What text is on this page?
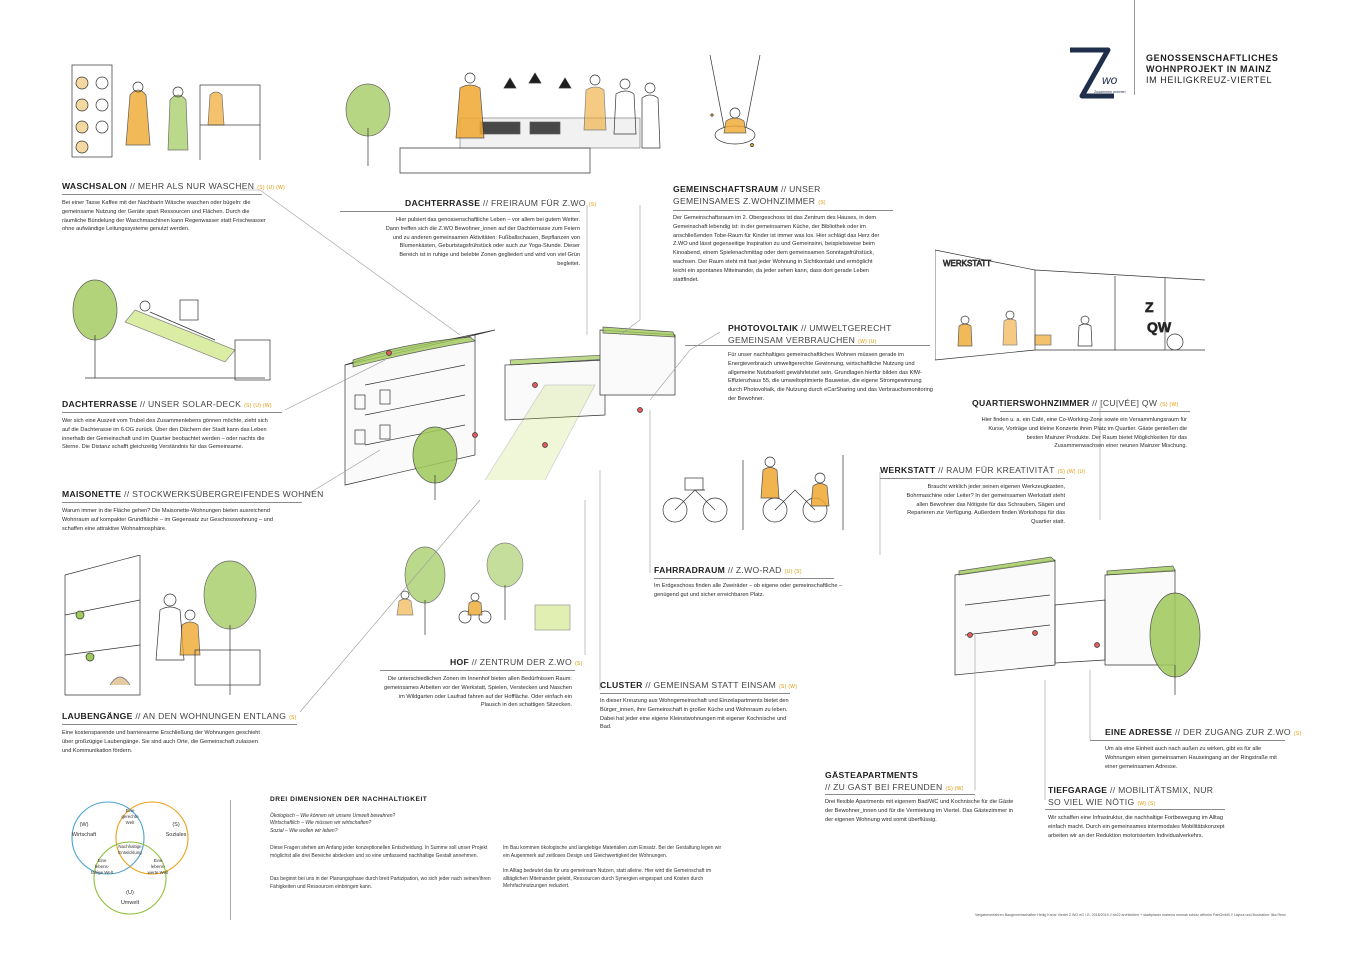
wo
Zusammen wohnen eG i.G.
GENOSSENSCHAFTLICHES
WOHNPROJEKT IN MAINZ
IM HEILIGKREUZ-VIERTEL
WERKSTATT
Z
QW
WASCHSALON // MEHR ALS NUR WASCHEN (S) (U) (W)
Bei einer Tasse Kaffee mit der Nachbarin Wäsche waschen oder bügeln: die gemeinsame Nutzung der Geräte spart Ressourcen und Flächen. Durch die räumliche Bündelung der Waschmaschinen kann Regenwasser statt Frischwasser ohne aufwändige Leitungssysteme genutzt werden.
DACHTERRASSE // FREIRAUM FÜR Z.WO (S)
Hier pulsiert das genossenschaftliche Leben – vor allem bei gutem Wetter. Dann treffen sich die Z.WO Bewohner_innen auf der Dachterrasse zum Feiern und zu anderen gemeinsamen Aktivitäten: Fußballschauen, Bepflanzen von Blumenkästen, Geburtstagsfrühstück oder auch zur Yoga-Stunde. Dieser Bereich ist in ruhige und belebte Zonen gegliedert und wird von viel Grün begleitet.
GEMEINSCHAFTSRAUM // UNSER GEMEINSAMES Z.WOHNZIMMER (S)
Der Gemeinschaftsraum im 2. Obergeschoss ist das Zentrum des Hauses, in dem Gemeinschaft lebendig ist: in der gemeinsamen Küche, der Bibliothek oder im anschließenden Tobe-Raum für Kinder ist immer was los. Hier schlägt das Herz der Z.WO und lässt gegenseitige Inspiration zu und Gemeinsinn, beispielsweise beim Kinoabend, einem Spielenachmittag oder dem gemeinsamen Sonntagsfrühstück, wachsen. Der Raum steht mit fast jeder Wohnung in Sichtkontakt und ermöglicht leicht ein spontanes Miteinander, da jeder sehen kann, dass dort gerade Leben stattfindet.
PHOTOVOLTAIK // UMWELTGERECHT GEMEINSAM VERBRAUCHEN (W) (U)
Für unser nachhaltiges gemeinschaftliches Wohnen müssen gerade im Energieverbrauch umweltgerechte Gewinnung, wirtschaftliche Nutzung und allgemeine Nutzbarkeit gewährleistet sein. Grundlagen hierfür bilden das KfW-Effizienzhaus 55, die umweltoptimierte Bauweise, die eigene Stromgewinnung durch Photovoltaik, die Nutzung durch eCarSharing und das Verbrauchsmonitoring der Bewohner.
DACHTERRASSE // UNSER SOLAR-DECK (S) (U) (W)
Wer sich eine Auszeit vom Trubel des Zusammenlebens gönnen möchte, zieht sich auf die Dachterasse im 6.OG zurück. Über den Dächern der Stadt kann das Leben innerhalb der Gemeinschaft und im Quartier beobachtet werden – oder nachts die Sterne. Die Distanz schafft gleichzeitig Verständnis für das Gemeinsame.
MAISONETTE // STOCKWERKSÜBERGREIFENDES WOHNEN
Warum immer in die Fläche gehen? Die Maisonette-Wohnungen bieten ausreichend Wohnraum auf kompakter Grundfläche – im Gegensatz zur Geschosswohnung – und schaffen eine attraktive Wohnatmosphäre.
QUARTIERSWOHNZIMMER // [CU|VÉE] QW (S) (W)
Hier finden u. a. ein Café, eine Co-Working-Zone sowie ein Versammlungsraum für Kurse, Vorträge und kleine Konzerte ihren Platz im Quartier. Gäste genießen die besten Mainzer Produkte. Der Raum bietet Möglichkeiten für das Zusammenwachsen einer neunen Mainzer Mischung.
WERKSTATT // RAUM FÜR KREATIVITÄT (S) (W) (U)
Braucht wirklich jeder seinen eigenen Werkzeugkasten, Bohrmaschine oder Leiter? In der gemeinsamen Werkstatt steht allen Bewohner das Nötigste für das Schrauben, Sägen und Reparieren zur Verfügung. Außerdem finden Workshops für das Quartier statt.
FAHRRADRAUM // Z.WO-RAD (U) (S)
Im Erdgeschoss finden alle Zweiräder – ob eigene oder gemeinschaftliche – genügend gut und sicher erreichbaren Platz.
HOF // ZENTRUM DER Z.WO (S)
Die unterschiedlichen Zonen im Innenhof bieten allen Bedürfnissen Raum: gemeinsames Arbeiten vor der Werkstatt, Spielen, Verstecken und Naschen im Wildgarten oder Laufrad fahren auf der Hoffläche. Oder einfach ein Plausch in den schattigen Sitzecken.
CLUSTER // GEMEINSAM STATT EINSAM (S) (W)
In dieser Kreuzung aus Wohngemeinschaft und Einzelapartments bietet den Bürger_innen, ihre Gemeinschaft in großer Küche und Wohnraum zu leben. Dabei hat jeder eine eigene Kleinstwohnungen mit eigener Kochnische und Bad.
LAUBENGÄNGE // AN DEN WOHNUNGEN ENTLANG (S)
Eine kostensparende und barrierearme Erschließung der Wohnungen geschieht über großzügige Laubengänge. Sie sind auch Orte, die Gemeinschaft zulassen und Kommunikation fördern.
EINE ADRESSE // DER ZUGANG ZUR Z.WO (S)
Um als eine Einheit auch nach außen zu wirken, gibt es für alle Wohnungen einen gemeinsamen Hauseingang an der Ringstraße mit einer gemeinsamen Adresse.
GÄSTEAPARTMENTS
// ZU GAST BEI FREUNDEN (S) (W)
Drei flexible Apartments mit eigenem Bad/WC und Kochnische für die Gäste der Bewohner_innen und für die Vermietung im Viertel. Das Gästezimmer in der eigenen Wohnung wird somit überflüssig.
TIEFGARAGE // MOBILITÄTSMIX, NUR SO VIEL WIE NÖTIG (W) (S)
Wir schaffen eine Infrastruktur, die nachhaltige Fortbewegung im Alltag einfach macht. Durch ein gemeinsames intermodales Mobilitätskonzept arbeiten wir an der Reduktion motorisierten Individualverkehrs.
(W)
Wirtschaft
(S)
Soziales
(U)
Umwelt
Eine
gerechte
Welt
Nachhaltige
Entwicklung
Eine
lebens-
fähige Welt
Eine
lebens-
werte Welt
DREI DIMENSIONEN DER NACHHALTIGKEIT
Ökologisch – Wie können wir unsere Umwelt bewahren?
Wirtschaftlich – Wie müssen wir wirtschaften?
Sozial – Wie wollen wir leben?
Diese Fragen stehen am Anfang jeder konzeptionellen Entscheidung. In Summe soll unser Projekt möglichst alle drei Bereiche abdecken und so eine umfassend nachhaltige Gestalt annehmen.
Das beginnt bei uns in der Planungsphase durch breit Partizipation, wo sich jeder nach seinen/ihren Fähigkeiten und Ressourcen einbringen kann.
Im Bau kommen ökologische und langlebige Materialien zum Einsatz. Bei der Gestaltung legen wir ein Augenmerk auf zeitloses Design und Gleichwertigkeit der Wohnungen.
Im Alltag bedeutet das für uns gemeinsam Nutzen, statt alleine. Hier wird die Gemeinschaft im alltäglichen Miteinander gelebt, Ressourcen durch Synergien eingespart und Kosten durch Mehrfachnutzungen reduziert.
Vergabeverfahren Baugemeinschaften Heilig Kreuz Viertel Z.WO eG i.G. 2018/2019 // bb22 architekten + stadtplaner mahena mosrak schulz wilhelm PartGmbB // Layout und Illustration: Ilka Renz
